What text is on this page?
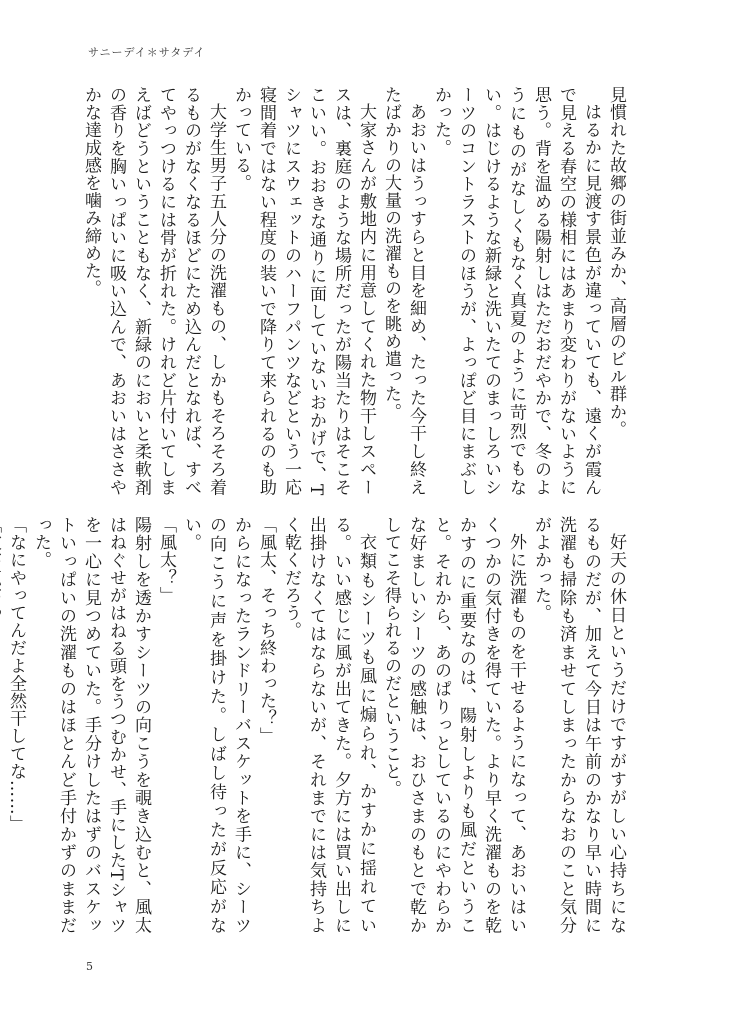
サニーデイ＊サタデイ

見慣れた故郷の街並みか、高層のビル群か。

はるかに見渡す景色が違っていても、遠くが霞んで見える春空の様相にはあまり変わりがないように思う。背を温める陽射しはただおだやかで、冬のようにものがなしくもなく真夏のように苛烈でもない。はじけるような新緑と洗いたてのまっしろいシーツのコントラストのほうが、よっぽど目にまぶしかった。

あおいはうっすらと目を細め、たった今干し終えたばかりの大量の洗濯ものを眺め遣った。

大家さんが敷地内に用意してくれた物干しスペースは、裏庭のような場所だったが陽当たりはそこそこいい。おおきな通りに面していないおかげで、Tシャツにスウェットのハーフパンツなどという一応寝間着ではない程度の装いで降りて来られるのも助かっている。

大学生男子五人分の洗濯もの、しかもそろそろ着るものがなくなるほどにため込んだとなれば、すべてやっつけるには骨が折れた。けれど片付いてしまえばどうということもなく、新緑のにおいと柔軟剤の香りを胸いっぱいに吸い込んで、あおいはささやかな達成感を噛み締めた。

好天の休日というだけですがすがしい心持ちになるものだが、加えて今日は午前のかなり早い時間に洗濯も掃除も済ませてしまったからなおのこと気分がよかった。

外に洗濯ものを干せるようになって、あおいはいくつかの気付きを得ていた。より早く洗濯ものを乾かすのに重要なのは、陽射しよりも風だということ。それから、あのぱりっとしているのにやわらかな好ましいシーツの感触は、おひさまのもとで乾かしてこそ得られるのだということ。

衣類もシーツも風に煽られ、かすかに揺れている。いい感じに風が出てきた。夕方には買い出しに出掛けなくてはならないが、それまでには気持ちよく乾くだろう。

「風太、そっち終わった？」

からになったランドリーバスケットを手に、シーツの向こうに声を掛けた。しばし待ったが反応がない。

「風太？」

陽射しを透かすシーツの向こうを覗き込むと、風太はねぐせがはねる頭をうつむかせ、手にしたTシャツを一心に見つめていた。手分けしたはずのバスケットいっぱいの洗濯ものはほとんど手付かずのままだった。

「なにやってんだよ全然干してな……」

5
